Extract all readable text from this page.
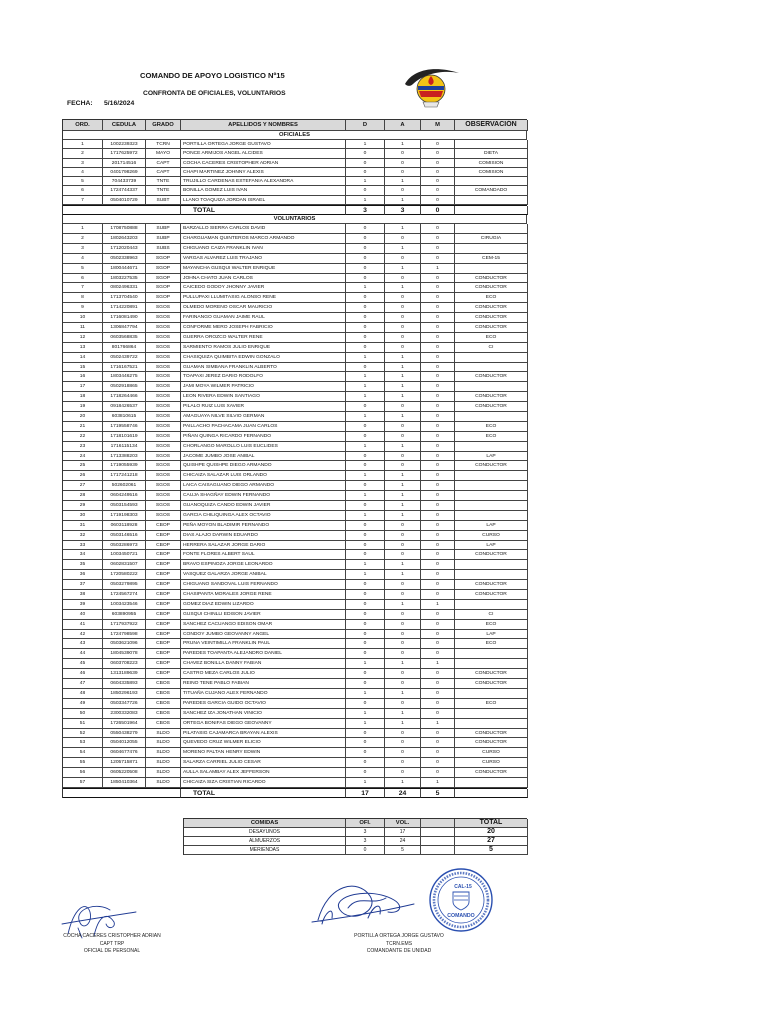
COMANDO DE APOYO LOGISTICO Nº15
CONFRONTA DE OFICIALES, VOLUNTARIOS
FECHA: 5/16/2024
ORD.	CEDULA	GRADO	APELLIDOS Y NOMBRES	D	A	M	OBSERVACIÓN
OFICIALES
1	1002239323	TCRN	PORTILLA ORTEGA JORGE GUSTAVO	1	1	0
2	1717625972	MAYO	PONCE ARMIJOS ANGEL ALCIDES	0	0	0	DIETA
3	201714516	CAPT	COCHA CACERES CRISTOPHER ADRIAN	0	0	0	COMISION
4	0401798269	CAPT	CHAPI MARTINEZ JOHNNY ALEXIS	0	0	0	COMISION
5	704433739	TNTE	TRUJILLO CARDENAS ESTEFANIA ALEXANDRA	1	1	0
6	1724744337	TNTE	BONILLA GOMEZ LUIS IVAN	0	0	0	COMANDADO
7	0504010729	SUBT	LLANO TOAQUIZA JORDAN ISRAEL	1	1	0
TOTAL	3	3	0
VOLUNTARIOS
1	1708750888	SUBP	BARZALLO SIERRA CARLOS DAVID	0	1	0
2	1802643203	SUBP	CHARGUAMAN QUINTEROS MARCO ARMANDO	0	0	0	CIRUGIA
3	1712020443	SUBS	CHIGUANO CAIZA FRANKLIN IVAN	0	1	0
4	0502338963	SGOP	VARGAS ALVAREZ LUIS TRAJANO	0	0	0	CEM-15
5	1800444671	SGOP	MAYANCHA GUSQUI WALTER ENRIQUE	0	1	1
6	1803227535	SGOP	JOHNA CHATO JUAN CARLOS	0	0	0	CONDUCTOR
7	0802496331	SGOP	CAICEDO GODOY JHONNY JAVIER	1	1	0	CONDUCTOR
8	1713704540	SGOP	PULLUPAXI LLUMITASIG ALONSO RENE	0	0	0	ECO
9	1714220891	SGOS	OLMEDO MORENO OSCAR MAURICIO	0	0	0	CONDUCTOR
10	1716081490	SGOS	FARINANGO GUAMAN JAIME RAUL	0	0	0	CONDUCTOR
11	1306847794	SGOS	CONFORME MERO JOSEPH FABRICIO	0	0	0	CONDUCTOR
12	0603568835	SGOS	GUERRA OROZCO WALTER RENE	0	0	0	ECO
13	801766864	SGOS	SARMIENTO RAMOS JULIO ENRIQUE	0	0	0	CI
14	0502439722	SGOS	CHASIQUIZA QUIMBITA EDWIN GONZALO	1	1	0
15	1716167521	SGOS	GUAMAN SIMBANA FRANKLIN ALBERTO	0	1	0
16	1803446275	SGOS	TOAPAXI JEREZ DARIO RODOLFO	1	1	0	CONDUCTOR
17	0502918865	SGOS	JAMI MOYA WILMER PATRICIO	1	1	0
18	1718264466	SGOS	LEON RIVERA EDWIN SANTIAGO	1	1	0	CONDUCTOR
19	0918426537	SGOS	PILALO RUIZ LUIS XAVIER	0	0	0	CONDUCTOR
20	603810615	SGOS	AMAGUAYA NILVE SILVIO GERMAN	1	1	0
21	1719558746	SGOS	PAILLACHO PACHACAMA JUAN CARLOS	0	0	0	ECO
22	1718101619	SGOS	PIÑAN QUINGA RICARDO FERNANDO	0	0	0	ECO
23	1716115134	SGOS	CHORLANGO MAROLLO LUIS EUCLIDES	1	1	0
24	1713388203	SGOS	JACOME JUMBO JOSE ANIBAL	0	0	0	LAP
25	1719055939	SGOS	QUISHPE QUISHPE DIEGO ARMANDO	0	0	0	CONDUCTOR
26	1717241218	SGOS	CHICAIZA SALAZAR LUIS ORLANDO	1	1	0
27	502602061	SGOS	LAICA CAISAGUANO DIEGO ARMANDO	0	1	0
28	0604249516	SGOS	CAUJA SHAGÑAY EDWIN FERNANDO	1	1	0
29	0503154593	SGOS	GUANOQUIZA CANDO EDWIN JAVIER	0	1	0
30	1719198303	SGOS	GARCIA CHILIQUINGA ALEX OCTAVIO	1	1	0
31	0603118928	CBOP	PEÑA MOYON BLADIMIR FERNANDO	0	0	0	LAP
32	0503146516	CBOP	DIAS ALAJO DARWIN EDUARDO	0	0	0	CURSO
33	0503286973	CBOP	HERRERA SALAZAR JORGE DARIO	0	0	0	LAP
34	1003450721	CBOP	FONTE FLORES ALBERT SAUL	0	0	0	CONDUCTOR
35	0602831507	CBOP	BRAVO ESPINOZA JORGE LEONARDO	1	1	0
36	1720580222	CBOP	VASQUEZ GALARZA JORGE ANIBAL	1	1	0
37	0503279895	CBOP	CHIGUANO SANDOVAL LUIS FERNANDO	0	0	0	CONDUCTOR
38	1724567274	CBOP	CHASIPANTA MORALES JORGE RENE	0	0	0	CONDUCTOR
39	1003423546	CBOP	GOMEZ DIAZ EDWIN LIZARDO	0	1	1
40	603890955	CBOP	GUSQUI CHINLLI EDISON JAVIER	0	0	0	CI
41	1717937922	CBOP	SANCHEZ CACUANGO EDISON OMAR	0	0	0	ECO
42	1724798598	CBOP	CONDOY JUMBO GEOVANNY ANGEL	0	0	0	LAP
43	0503621096	CBOP	PRUNA VEINTIMILLA FRANKLIN PAUL	0	0	0	ECO
44	1804539078	CBOP	PAREDES TOAPANTA ALEJANDRO DANIEL	0	0	0
45	0603708223	CBOP	CHAVEZ BONILLA DANNY FABIAN	1	1	1
46	1313189639	CBOP	CASTRO MEZA CARLOS JULIO	0	0	0	CONDUCTOR
47	0604335893	CBOS	REINO TENE PABLO FABIAN	0	0	0	CONDUCTOR
48	1850296193	CBOS	TITUAÑA CUJANO ALEX FERNANDO	1	1	0
49	0503347726	CBOS	PAREDES GARCIA GUIDO OCTAVIO	0	0	0	ECO
50	2300332083	CBOS	SANCHEZ IZA JONATHAN VINICIO	1	1	0
51	1726501964	CBOS	ORTEGA BONIFAS DIEGO GEOVANNY	1	1	1
52	0550438279	SLDO	PILATASIG CAJAMARCA BRAYAN ALEXIS	0	0	0	CONDUCTOR
53	0504012055	SLDO	QUEVEDO CRUZ WILMER ELICIO	0	0	0	CONDUCTOR
54	0604677476	SLDO	MORENO PALTAN HENRY EDWIN	0	0	0	CURSO
55	1205715871	SLDO	SALARZA CARRIEL JULIO CESAR	0	0	0	CURSO
56	0605220508	SLDO	AULLA SALAMBAY ALEX JEFFERSON	0	0	0	CONDUCTOR
57	1850410364	SLDO	CHICAIZA SIZA CRISTIAN RICARDO	1	1	1
TOTAL	17	24	5
COMIDAS	OFI.	VOL.	TOTAL
DESAYUNOS	3	17	20
ALMUERZOS	3	24	27
MERIENDAS	0	5	5
CAL-15
COMANDO
COCHA CACERES CRISTOPHER ADRIAN
CAPT TRP
OFICIAL DE PERSONAL
PORTILLA ORTEGA JORGE GUSTAVO
TCRN.EMS
COMANDANTE DE UNIDAD
